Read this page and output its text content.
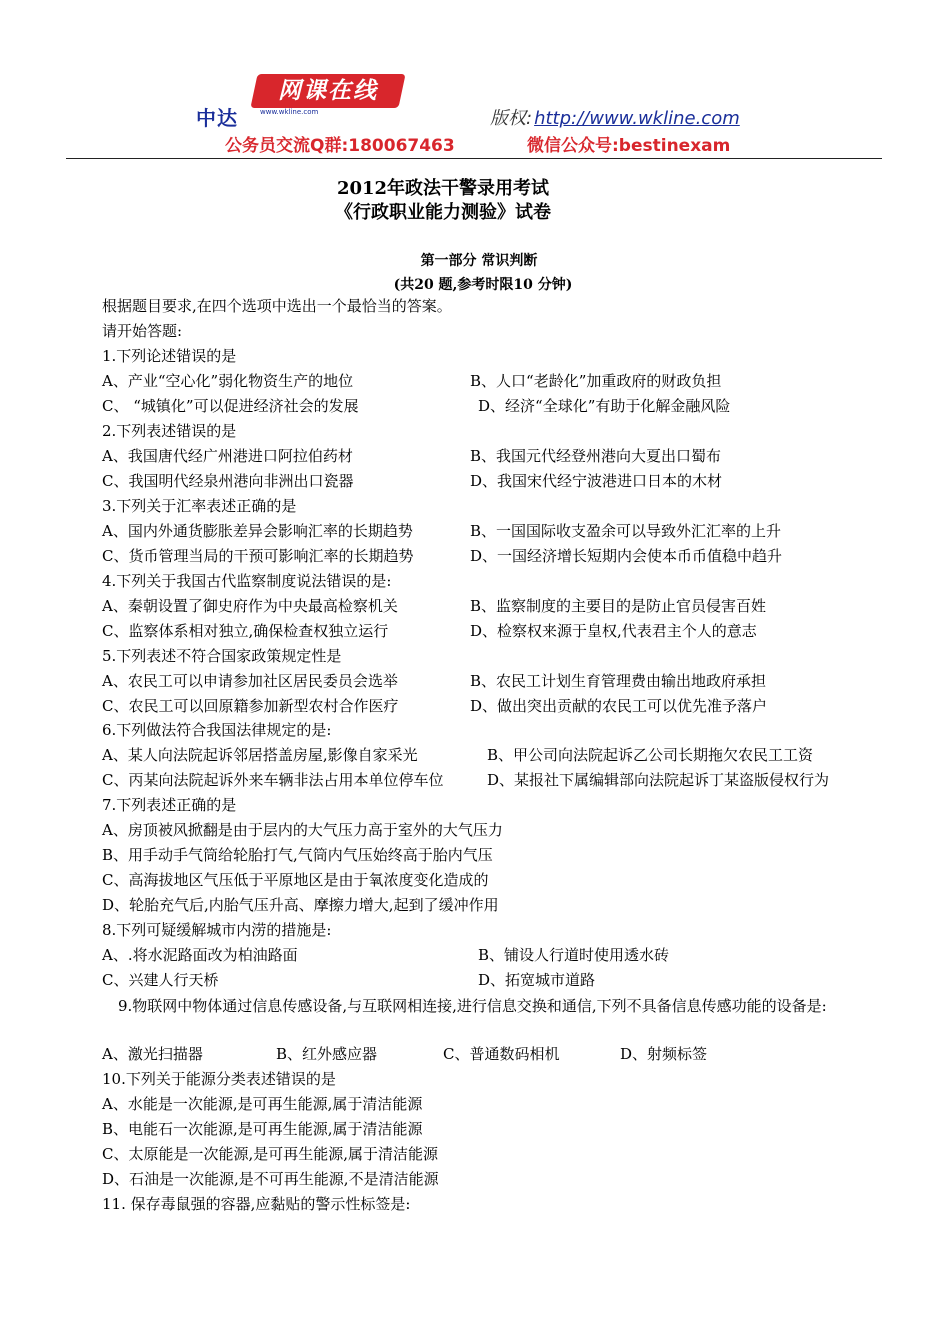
中达
网课在线
www.wkline.com	版权: http://www.wkline.com
公务员交流Q群:180067463	微信公众号:bestinexam
2012年政法干警录用考试
《行政职业能力测验》试卷
第一部分 常识判断
(共20 题,参考时限10 分钟)
根据题目要求,在四个选项中选出一个最恰当的答案。
请开始答题:
1.下列论述错误的是
A、产业“空心化”弱化物资生产的地位	B、人口“老龄化”加重政府的财政负担
C、 “城镇化”可以促进经济社会的发展	D、经济“全球化”有助于化解金融风险
2.下列表述错误的是
A、我国唐代经广州港进口阿拉伯药材	B、我国元代经登州港向大夏出口蜀布
C、我国明代经泉州港向非洲出口瓷器	D、我国宋代经宁波港进口日本的木材
3.下列关于汇率表述正确的是
A、国内外通货膨胀差异会影响汇率的长期趋势	B、一国国际收支盈余可以导致外汇汇率的上升
C、货币管理当局的干预可影响汇率的长期趋势	D、一国经济增长短期内会使本币币值稳中趋升
4.下列关于我国古代监察制度说法错误的是:
A、秦朝设置了御史府作为中央最高检察机关	B、监察制度的主要目的是防止官员侵害百姓
C、监察体系相对独立,确保检查权独立运行	D、检察权来源于皇权,代表君主个人的意志
5.下列表述不符合国家政策规定性是
A、农民工可以申请参加社区居民委员会选举	B、农民工计划生育管理费由输出地政府承担
C、农民工可以回原籍参加新型农村合作医疗	D、做出突出贡献的农民工可以优先准予落户
6.下列做法符合我国法律规定的是:
A、某人向法院起诉邻居搭盖房屋,影像自家采光	B、甲公司向法院起诉乙公司长期拖欠农民工工资
C、丙某向法院起诉外来车辆非法占用本单位停车位	D、某报社下属编辑部向法院起诉丁某盗版侵权行为
7.下列表述正确的是
A、房顶被风掀翻是由于层内的大气压力高于室外的大气压力
B、用手动手气筒给轮胎打气,气筒内气压始终高于胎内气压
C、高海拔地区气压低于平原地区是由于氧浓度变化造成的
D、轮胎充气后,内胎气压升高、摩擦力增大,起到了缓冲作用
8.下列可疑缓解城市内涝的措施是:
A、.将水泥路面改为柏油路面	B、铺设人行道时使用透水砖
C、兴建人行天桥	D、拓宽城市道路
9.物联网中物体通过信息传感设备,与互联网相连接,进行信息交换和通信,下列不具备信息传感功能的设备是:
A、激光扫描器	B、红外感应器	C、普通数码相机	D、射频标签
10.下列关于能源分类表述错误的是
A、水能是一次能源,是可再生能源,属于清洁能源
B、电能石一次能源,是可再生能源,属于清洁能源
C、太原能是一次能源,是可再生能源,属于清洁能源
D、石油是一次能源,是不可再生能源,不是清洁能源
11. 保存毒鼠强的容器,应黏贴的警示性标签是:
